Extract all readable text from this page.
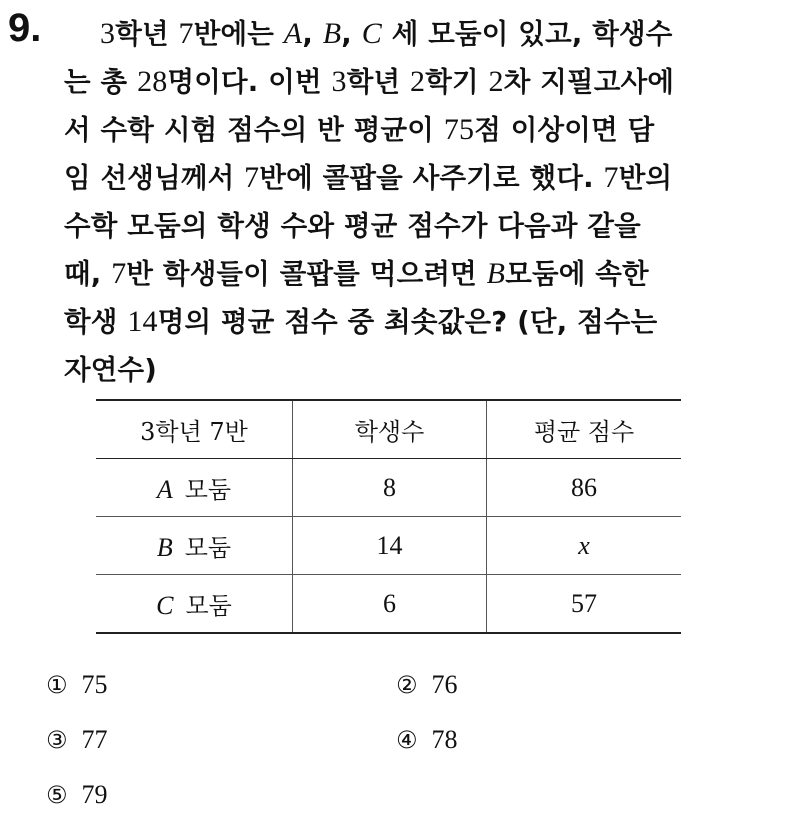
9.	3학년 7반에는 A, B, C 세 모둠이 있고, 학생수
는 총 28명이다. 이번 3학년 2학기 2차 지필고사에
서 수학 시험 점수의 반 평균이 75점 이상이면 담
임 선생님께서 7반에 콜팝을 사주기로 했다. 7반의
수학 모둠의 학생 수와 평균 점수가 다음과 같을
때, 7반 학생들이 콜팝를 먹으려면 B모둠에 속한
학생 14명의 평균 점수 중 최솟값은? (단, 점수는
자연수)
3학년 7반	학생수	평균 점수
A 모둠	8	86
B 모둠	14	x
C 모둠	6	57
① 75	② 76
③ 77	④ 78
⑤ 79
